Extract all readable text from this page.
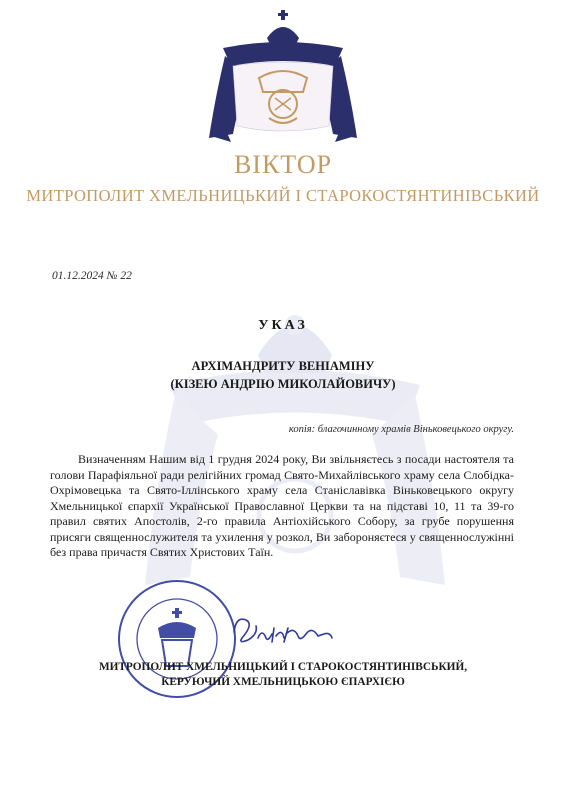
ВІКТОР
МИТРОПОЛИТ ХМЕЛЬНИЦЬКИЙ І СТАРОКОСТЯНТИНІВСЬКИЙ
01.12.2024 № 22
УКАЗ
АРХІМАНДРИТУ ВЕНІАМІНУ
(КІЗЕЮ АНДРІЮ МИКОЛАЙОВИЧУ)
копія: благочинному храмів Віньковецького округу.

Визначенням Нашим від 1 грудня 2024 року, Ви звільняєтесь з посади настоятеля та голови Парафіяльної ради релігійних громад Свято-Михайлівського храму села Слобідка-Охрімовецька та Свято-Іллінського храму села Станіславівка Віньковецького округу Хмельницької єпархії Української Православної Церкви та на підставі 10, 11 та 39-го правил святих Апостолів, 2-го правила Антіохійського Собору, за грубе порушення присяги священнослужителя та ухилення у розкол, Ви забороняєтеся у священнослужінні без права причастя Святих Христових Таїн.

МИТРОПОЛИТ ХМЕЛЬНИЦЬКИЙ І СТАРОКОСТЯНТИНІВСЬКИЙ,
КЕРУЮЧИЙ ХМЕЛЬНИЦЬКОЮ ЄПАРХІЄЮ
